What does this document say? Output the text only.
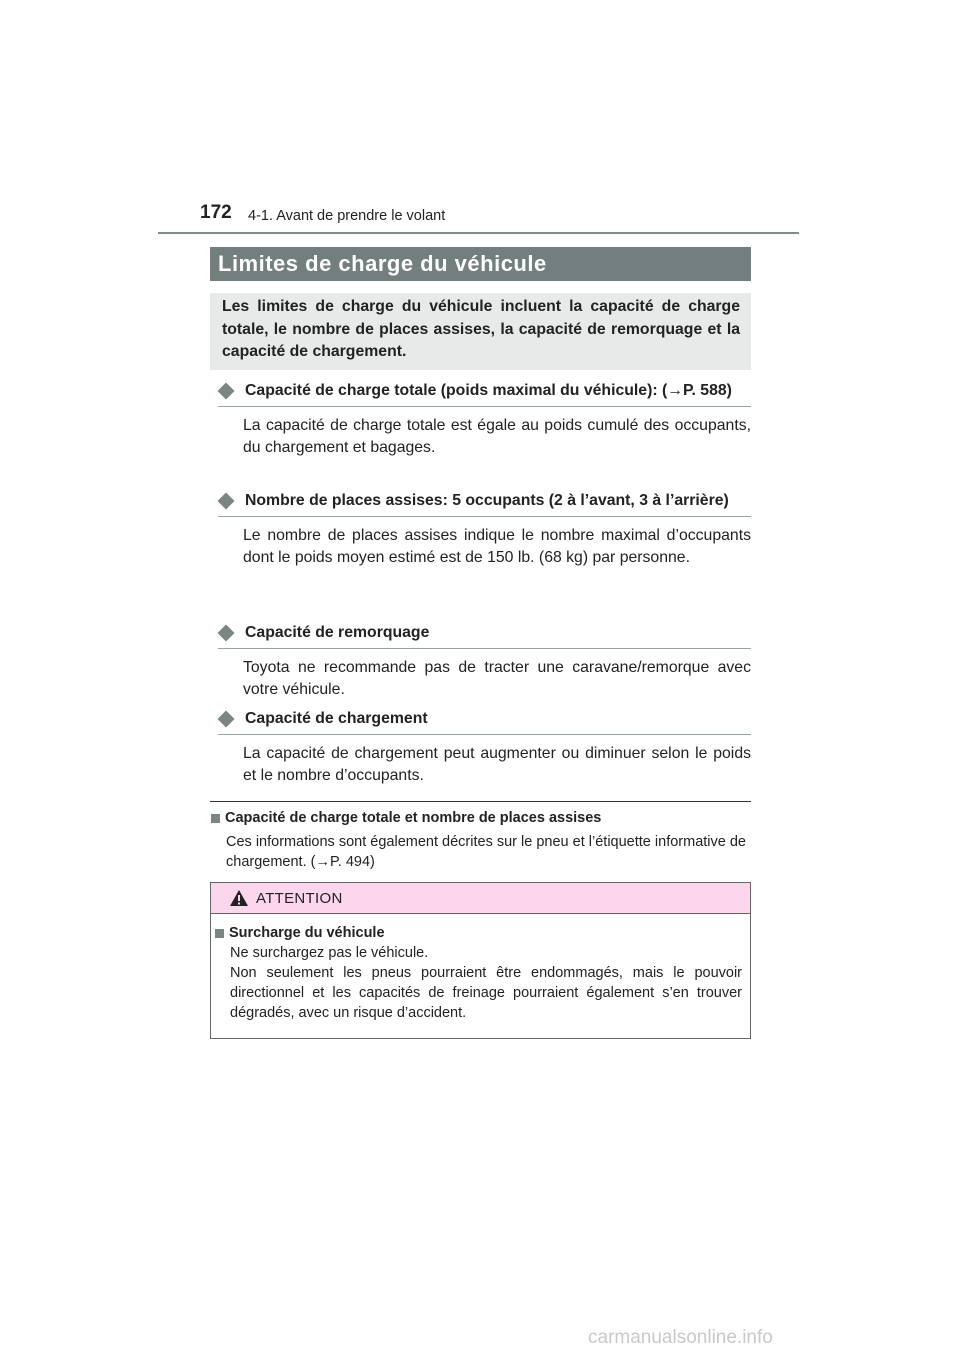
172 4-1. Avant de prendre le volant
Limites de charge du véhicule

Les limites de charge du véhicule incluent la capacité de charge totale, le nombre de places assises, la capacité de remorquage et la capacité de chargement.

Capacité de charge totale (poids maximal du véhicule): (→P. 588)
La capacité de charge totale est égale au poids cumulé des occupants, du chargement et bagages.
Nombre de places assises: 5 occupants (2 à l’avant, 3 à l’arrière)
Le nombre de places assises indique le nombre maximal d’occupants dont le poids moyen estimé est de 150 lb. (68 kg) par personne.
Capacité de remorquage
Toyota ne recommande pas de tracter une caravane/remorque avec votre véhicule.
Capacité de chargement
La capacité de chargement peut augmenter ou diminuer selon le poids et le nombre d’occupants.
Capacité de charge totale et nombre de places assises
Ces informations sont également décrites sur le pneu et l’étiquette informative de chargement. (→P. 494)
ATTENTION
Surcharge du véhicule
Ne surchargez pas le véhicule.
Non seulement les pneus pourraient être endommagés, mais le pouvoir directionnel et les capacités de freinage pourraient également s’en trouver dégradés, avec un risque d’accident.
carmanualsonline.info
